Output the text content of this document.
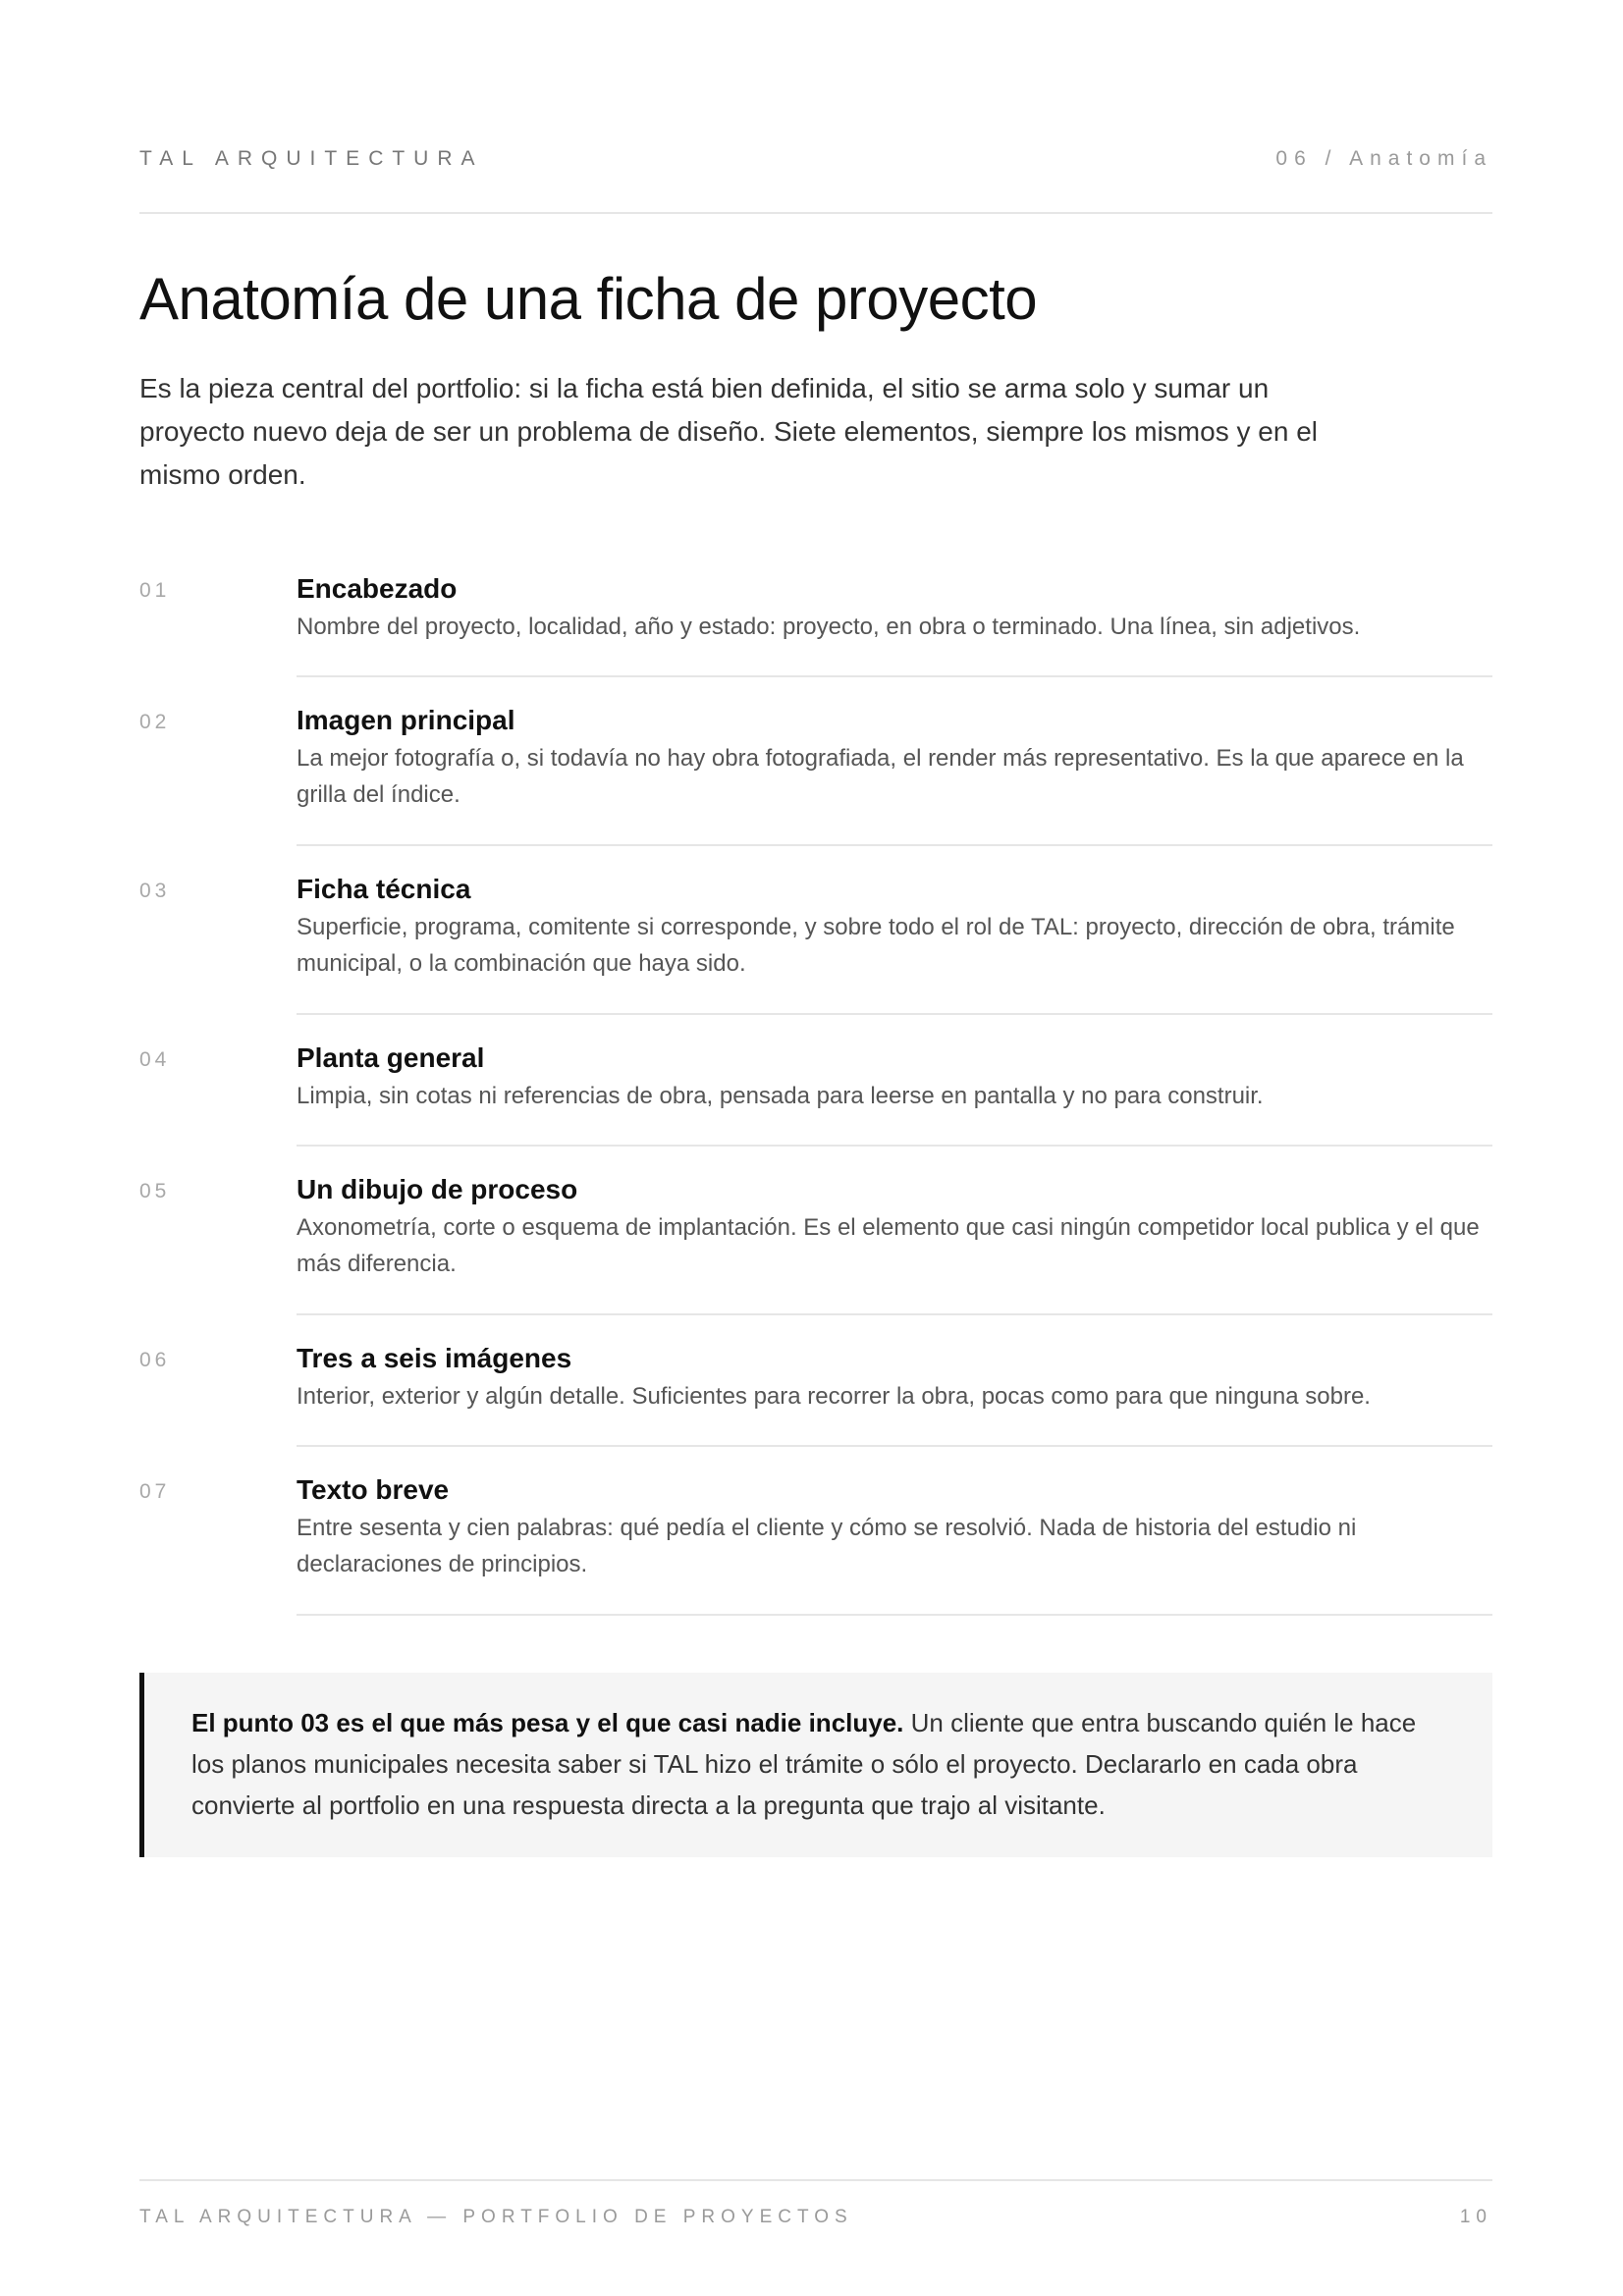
TAL ARQUITECTURA	06 / Anatomía
Anatomía de una ficha de proyecto

Es la pieza central del portfolio: si la ficha está bien definida, el sitio se arma solo y sumar un proyecto nuevo deja de ser un problema de diseño. Siete elementos, siempre los mismos y en el mismo orden.

01	Encabezado

Nombre del proyecto, localidad, año y estado: proyecto, en obra o terminado. Una línea, sin adjetivos.

02	Imagen principal

La mejor fotografía o, si todavía no hay obra fotografiada, el render más representativo. Es la que aparece en la grilla del índice.

03	Ficha técnica

Superficie, programa, comitente si corresponde, y sobre todo el rol de TAL: proyecto, dirección de obra, trámite municipal, o la combinación que haya sido.

04	Planta general

Limpia, sin cotas ni referencias de obra, pensada para leerse en pantalla y no para construir.

05	Un dibujo de proceso

Axonometría, corte o esquema de implantación. Es el elemento que casi ningún competidor local publica y el que más diferencia.

06	Tres a seis imágenes

Interior, exterior y algún detalle. Suficientes para recorrer la obra, pocas como para que ninguna sobre.

07	Texto breve

Entre sesenta y cien palabras: qué pedía el cliente y cómo se resolvió. Nada de historia del estudio ni declaraciones de principios.

El punto 03 es el que más pesa y el que casi nadie incluye. Un cliente que entra buscando quién le hace los planos municipales necesita saber si TAL hizo el trámite o sólo el proyecto. Declararlo en cada obra convierte al portfolio en una respuesta directa a la pregunta que trajo al visitante.
TAL ARQUITECTURA — PORTFOLIO DE PROYECTOS	10
